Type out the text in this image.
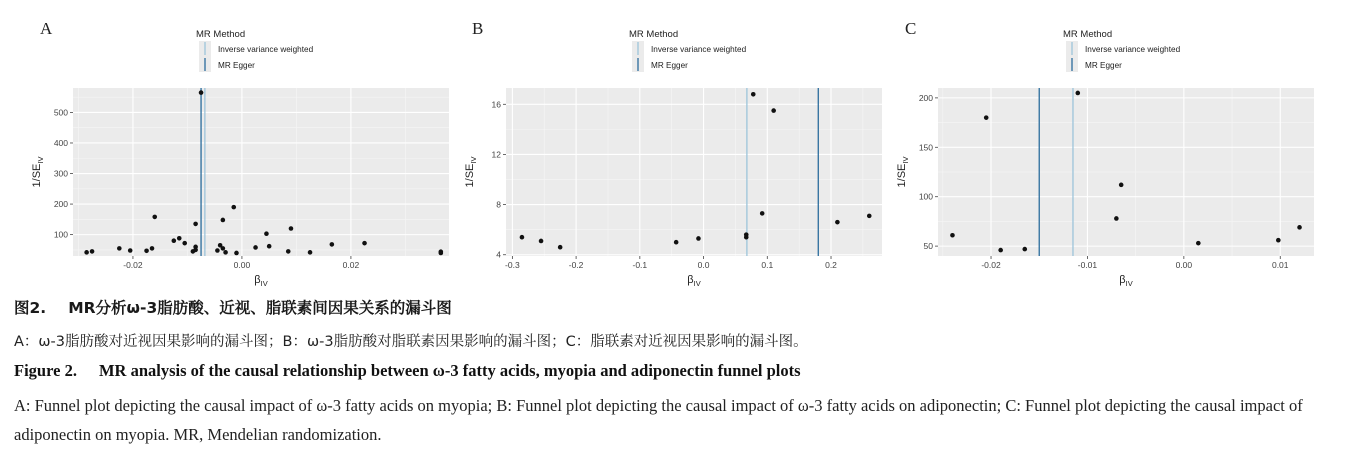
A	MR Method
Inverse variance weighted
MR Egger
-0.02	0.00	0.02
100
200
300
400
500
$\beta_{IV}$
$1/SE_{IV}$
B	MR Method
Inverse variance weighted
MR Egger
-0.3	-0.2	-0.1	0.0	0.1	0.2
4
8
12
16
$\beta_{IV}$
$1/SE_{IV}$
C	MR Method
Inverse variance weighted
MR Egger
-0.02	-0.01	0.00	0.01
50
100
150
200
$\beta_{IV}$
$1/SE_{IV}$
图2. MR分析ω-3脂肪酸、近视、脂联素间因果关系的漏斗图
A：ω-3脂肪酸对近视因果影响的漏斗图；B：ω-3脂肪酸对脂联素因果影响的漏斗图；C：脂联素对近视因果影响的漏斗图。
Figure 2. MR analysis of the causal relationship between ω-3 fatty acids, myopia and adiponectin funnel plots
A: Funnel plot depicting the causal impact of ω-3 fatty acids on myopia; B: Funnel plot depicting the causal impact of ω-3 fatty acids on adiponectin; C: Funnel plot depicting the causal impact of adiponectin on myopia. MR, Mendelian randomization.
